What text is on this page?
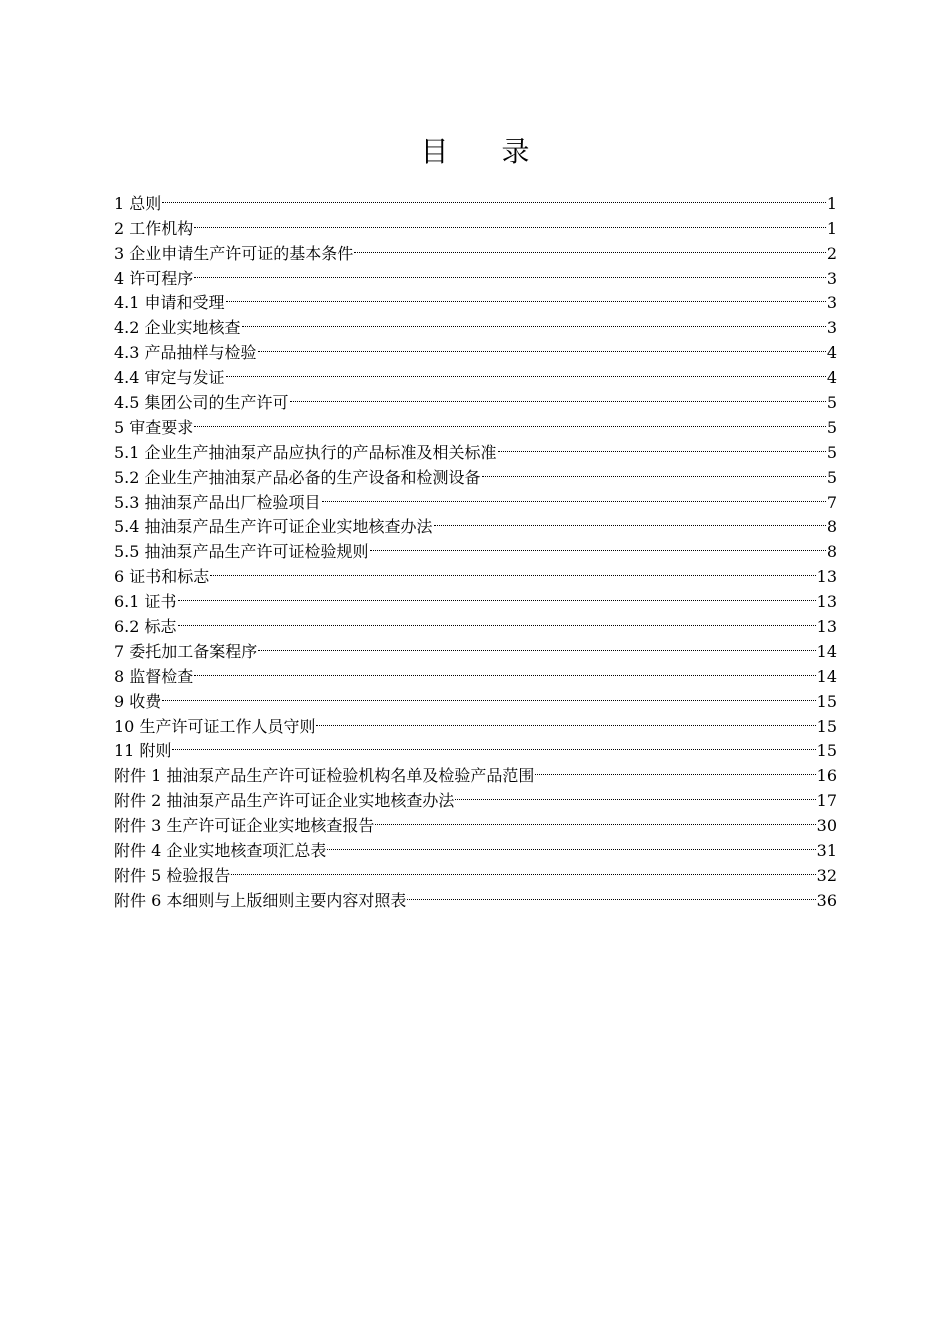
目 录
1 总则	1
2 工作机构	1
3 企业申请生产许可证的基本条件	2
4 许可程序	3
4.1 申请和受理	3
4.2 企业实地核查	3
4.3 产品抽样与检验	4
4.4 审定与发证	4
4.5 集团公司的生产许可	5
5 审查要求	5
5.1 企业生产抽油泵产品应执行的产品标准及相关标准	5
5.2 企业生产抽油泵产品必备的生产设备和检测设备	5
5.3 抽油泵产品出厂检验项目	7
5.4 抽油泵产品生产许可证企业实地核查办法	8
5.5 抽油泵产品生产许可证检验规则	8
6 证书和标志	13
6.1 证书	13
6.2 标志	13
7 委托加工备案程序	14
8 监督检查	14
9 收费	15
10 生产许可证工作人员守则	15
11 附则	15
附件 1 抽油泵产品生产许可证检验机构名单及检验产品范围	16
附件 2 抽油泵产品生产许可证企业实地核查办法	17
附件 3 生产许可证企业实地核查报告	30
附件 4 企业实地核查项汇总表	31
附件 5 检验报告	32
附件 6 本细则与上版细则主要内容对照表	36
